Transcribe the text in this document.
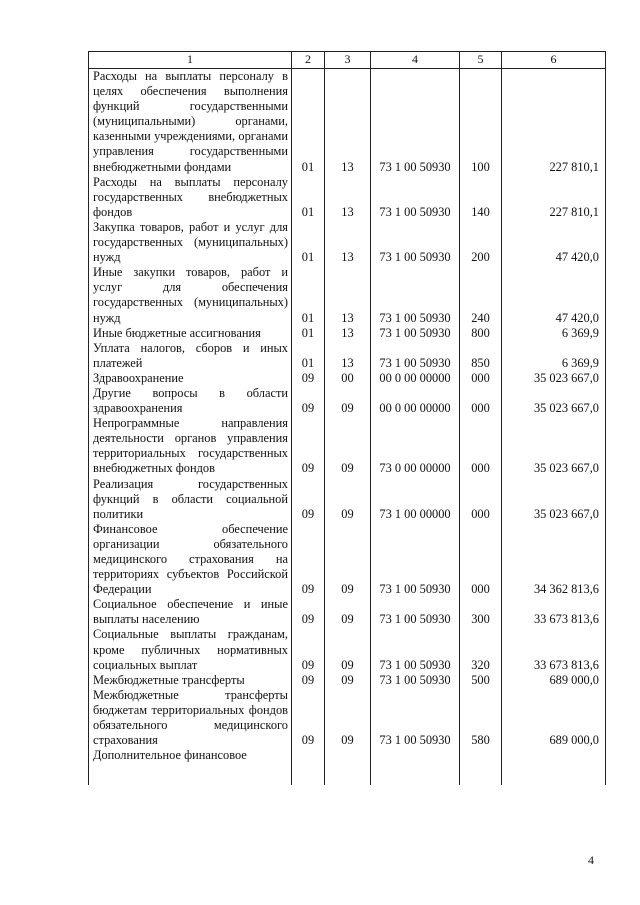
1	2	3	4	5	6
Расходы на выплаты персоналу в целях обеспечения выполнения функций государственными (муниципальными) органами, казенными учреждениями, органами управления государственными внебюджетными фондами	01	13	73 1 00 50930	100	227 810,1
Расходы на выплаты персоналу государственных внебюджетных фондов	01	13	73 1 00 50930	140	227 810,1
Закупка товаров, работ и услуг для государственных (муниципальных) нужд	01	13	73 1 00 50930	200	47 420,0
Иные закупки товаров, работ и услуг для обеспечения государственных (муниципальных) нужд	01	13	73 1 00 50930	240	47 420,0
Иные бюджетные ассигнования	01	13	73 1 00 50930	800	6 369,9
Уплата налогов, сборов и иных платежей	01	13	73 1 00 50930	850	6 369,9
Здравоохранение	09	00	00 0 00 00000	000	35 023 667,0
Другие вопросы в области здравоохранения	09	09	00 0 00 00000	000	35 023 667,0
Непрограммные направления деятельности органов управления территориальных государственных внебюджетных фондов	09	09	73 0 00 00000	000	35 023 667,0
Реализация государственных фукнций в области социальной политики	09	09	73 1 00 00000	000	35 023 667,0
Финансовое обеспечение организации обязательного медицинского страхования на территориях субъектов Российской Федерации	09	09	73 1 00 50930	000	34 362 813,6
Социальное обеспечение и иные выплаты населению	09	09	73 1 00 50930	300	33 673 813,6
Социальные выплаты гражданам, кроме публичных нормативных социальных выплат	09	09	73 1 00 50930	320	33 673 813,6
Межбюджетные трансферты	09	09	73 1 00 50930	500	689 000,0
Межбюджетные трансферты бюджетам территориальных фондов обязательного медицинского страхования	09	09	73 1 00 50930	580	689 000,0
Дополнительное финансовое					

4
